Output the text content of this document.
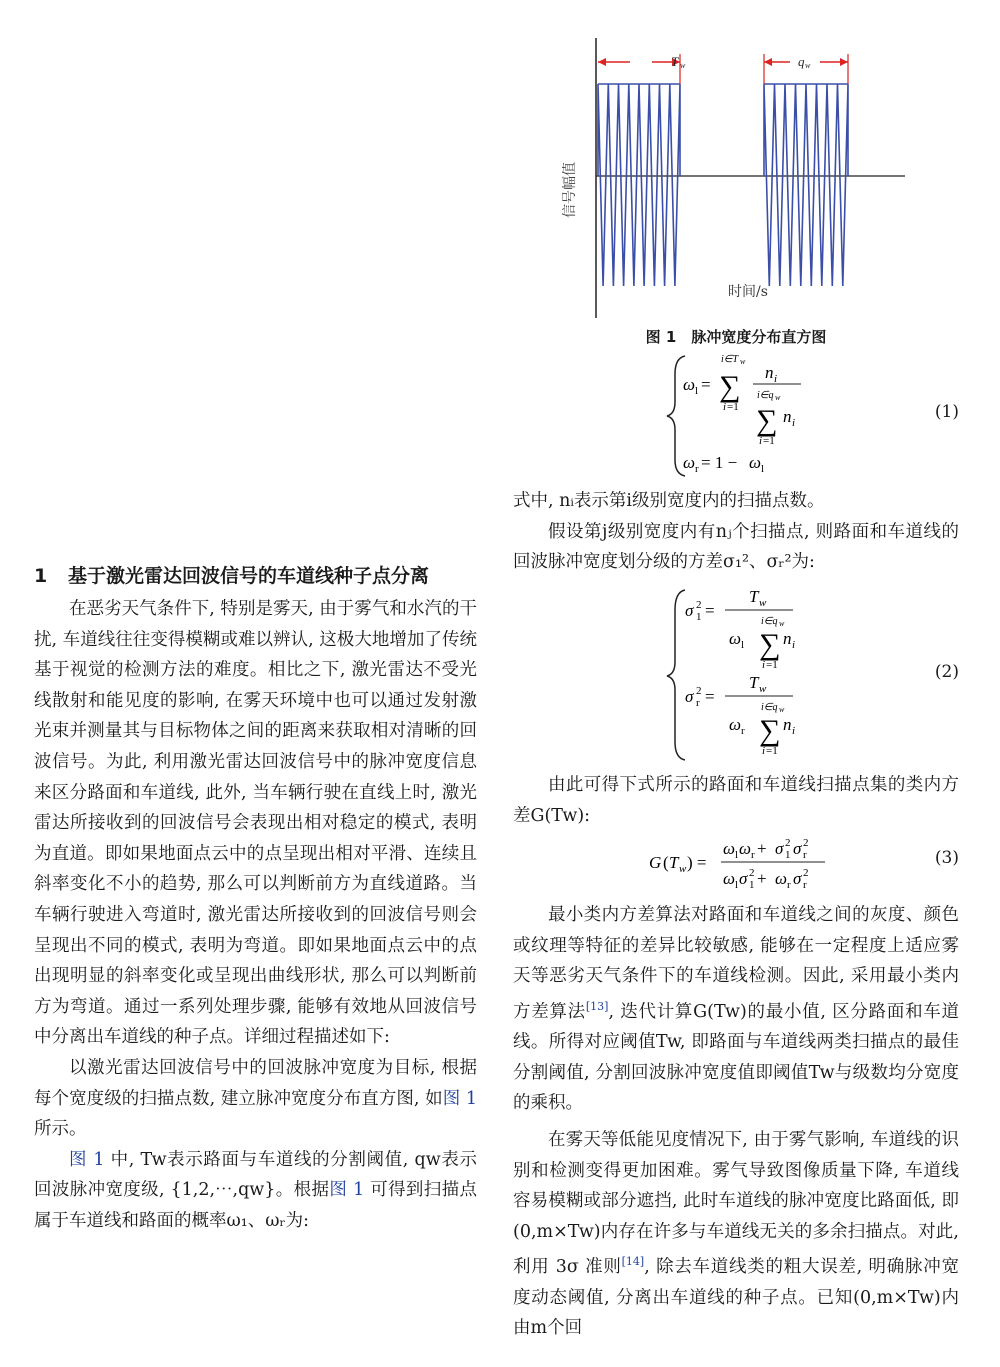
T w	q w
信号幅值
时间/s
图 1　脉冲宽度分布直方图
ω l =
i∈T w
∑
i =1
n i
i∈q w
∑
i =1
n i
ω r = 1 − ω l
(1)

式中, nᵢ表示第i级别宽度内的扫描点数。

假设第j级别宽度内有nⱼ个扫描点, 则路面和车道线的回波脉冲宽度划分级的方差σ₁²、σᵣ²为:

σ 2
1 =
T w
i∈q w
ω l ∑
i =1
n i
σ 2
r =
T w
i∈q w
ω r ∑
i =1
n i
(2)

由此可得下式所示的路面和车道线扫描点集的类内方差G(Tw):

G ( T w ) =
ω l ω r + σ 2
1 σ 2
r
ω l σ 2
1 + ω r σ 2
r
(3)

最小类内方差算法对路面和车道线之间的灰度、颜色或纹理等特征的差异比较敏感, 能够在一定程度上适应雾天等恶劣天气条件下的车道线检测。因此, 采用最小类内方差算法[13], 迭代计算G(Tw)的最小值, 区分路面和车道线。所得对应阈值Tw, 即路面与车道线两类扫描点的最佳分割阈值, 分割回波脉冲宽度值即阈值Tw与级数均分宽度的乘积。

在雾天等低能见度情况下, 由于雾气影响, 车道线的识别和检测变得更加困难。雾气导致图像质量下降, 车道线容易模糊或部分遮挡, 此时车道线的脉冲宽度比路面低, 即(0,m×Tw)内存在许多与车道线无关的多余扫描点。对此, 利用 3σ 准则[14], 除去车道线类的粗大误差, 明确脉冲宽度动态阈值, 分离出车道线的种子点。已知(0,m×Tw)内由m个回

1 基于激光雷达回波信号的车道线种子点分离

在恶劣天气条件下, 特别是雾天, 由于雾气和水汽的干扰, 车道线往往变得模糊或难以辨认, 这极大地增加了传统基于视觉的检测方法的难度。相比之下, 激光雷达不受光线散射和能见度的影响, 在雾天环境中也可以通过发射激光束并测量其与目标物体之间的距离来获取相对清晰的回波信号。为此, 利用激光雷达回波信号中的脉冲宽度信息来区分路面和车道线, 此外, 当车辆行驶在直线上时, 激光雷达所接收到的回波信号会表现出相对稳定的模式, 表明为直道。即如果地面点云中的点呈现出相对平滑、连续且斜率变化不小的趋势, 那么可以判断前方为直线道路。当车辆行驶进入弯道时, 激光雷达所接收到的回波信号则会呈现出不同的模式, 表明为弯道。即如果地面点云中的点出现明显的斜率变化或呈现出曲线形状, 那么可以判断前方为弯道。通过一系列处理步骤, 能够有效地从回波信号中分离出车道线的种子点。详细过程描述如下:

以激光雷达回波信号中的回波脉冲宽度为目标, 根据每个宽度级的扫描点数, 建立脉冲宽度分布直方图, 如图 1 所示。

图 1 中, Tw表示路面与车道线的分割阈值, qw表示回波脉冲宽度级, {1,2,⋯,qw}。根据图 1 可得到扫描点属于车道线和路面的概率ω₁、ωᵣ为:
